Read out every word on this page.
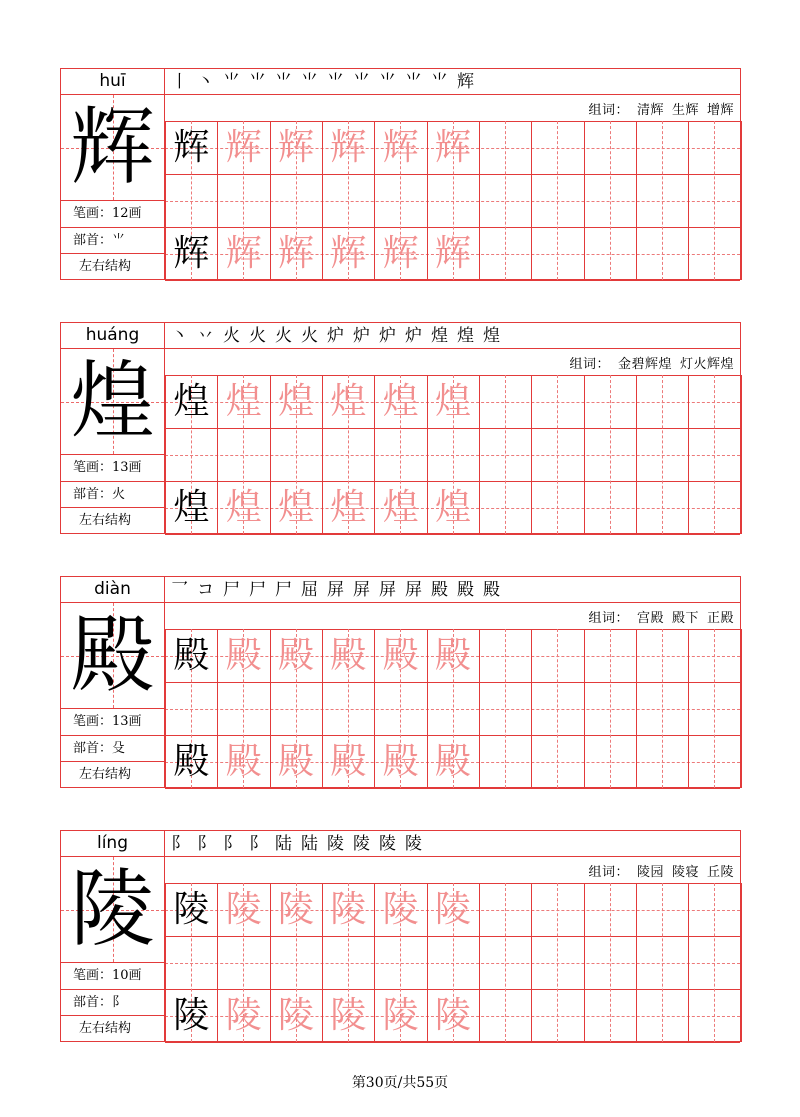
huī
辉
笔画：12画
部首：⺌
左右结构
丨 丶 ⺌ ⺌ ⺌ ⺌ ⺌ ⺌ ⺌ ⺌ ⺌ 辉
组词： 清辉 生辉 增辉
辉 辉 辉 辉 辉 辉
辉 辉 辉 辉 辉 辉
huáng
煌
笔画：13画
部首：火
左右结构
丶 丷 火 火 火 火 炉 炉 炉 炉 煌 煌 煌
组词： 金碧辉煌 灯火辉煌
煌 煌 煌 煌 煌 煌
煌 煌 煌 煌 煌 煌
diàn
殿
笔画：13画
部首：殳
左右结构
乛 コ 尸 尸 尸 屈 屏 屏 屏 屏 殿 殿 殿
组词： 宫殿 殿下 正殿
殿 殿 殿 殿 殿 殿
殿 殿 殿 殿 殿 殿
líng
陵
笔画：10画
部首：阝
左右结构
阝 阝 阝 阝 陆 陆 陵 陵 陵 陵
组词： 陵园 陵寝 丘陵
陵 陵 陵 陵 陵 陵
陵 陵 陵 陵 陵 陵
第30页/共55页
